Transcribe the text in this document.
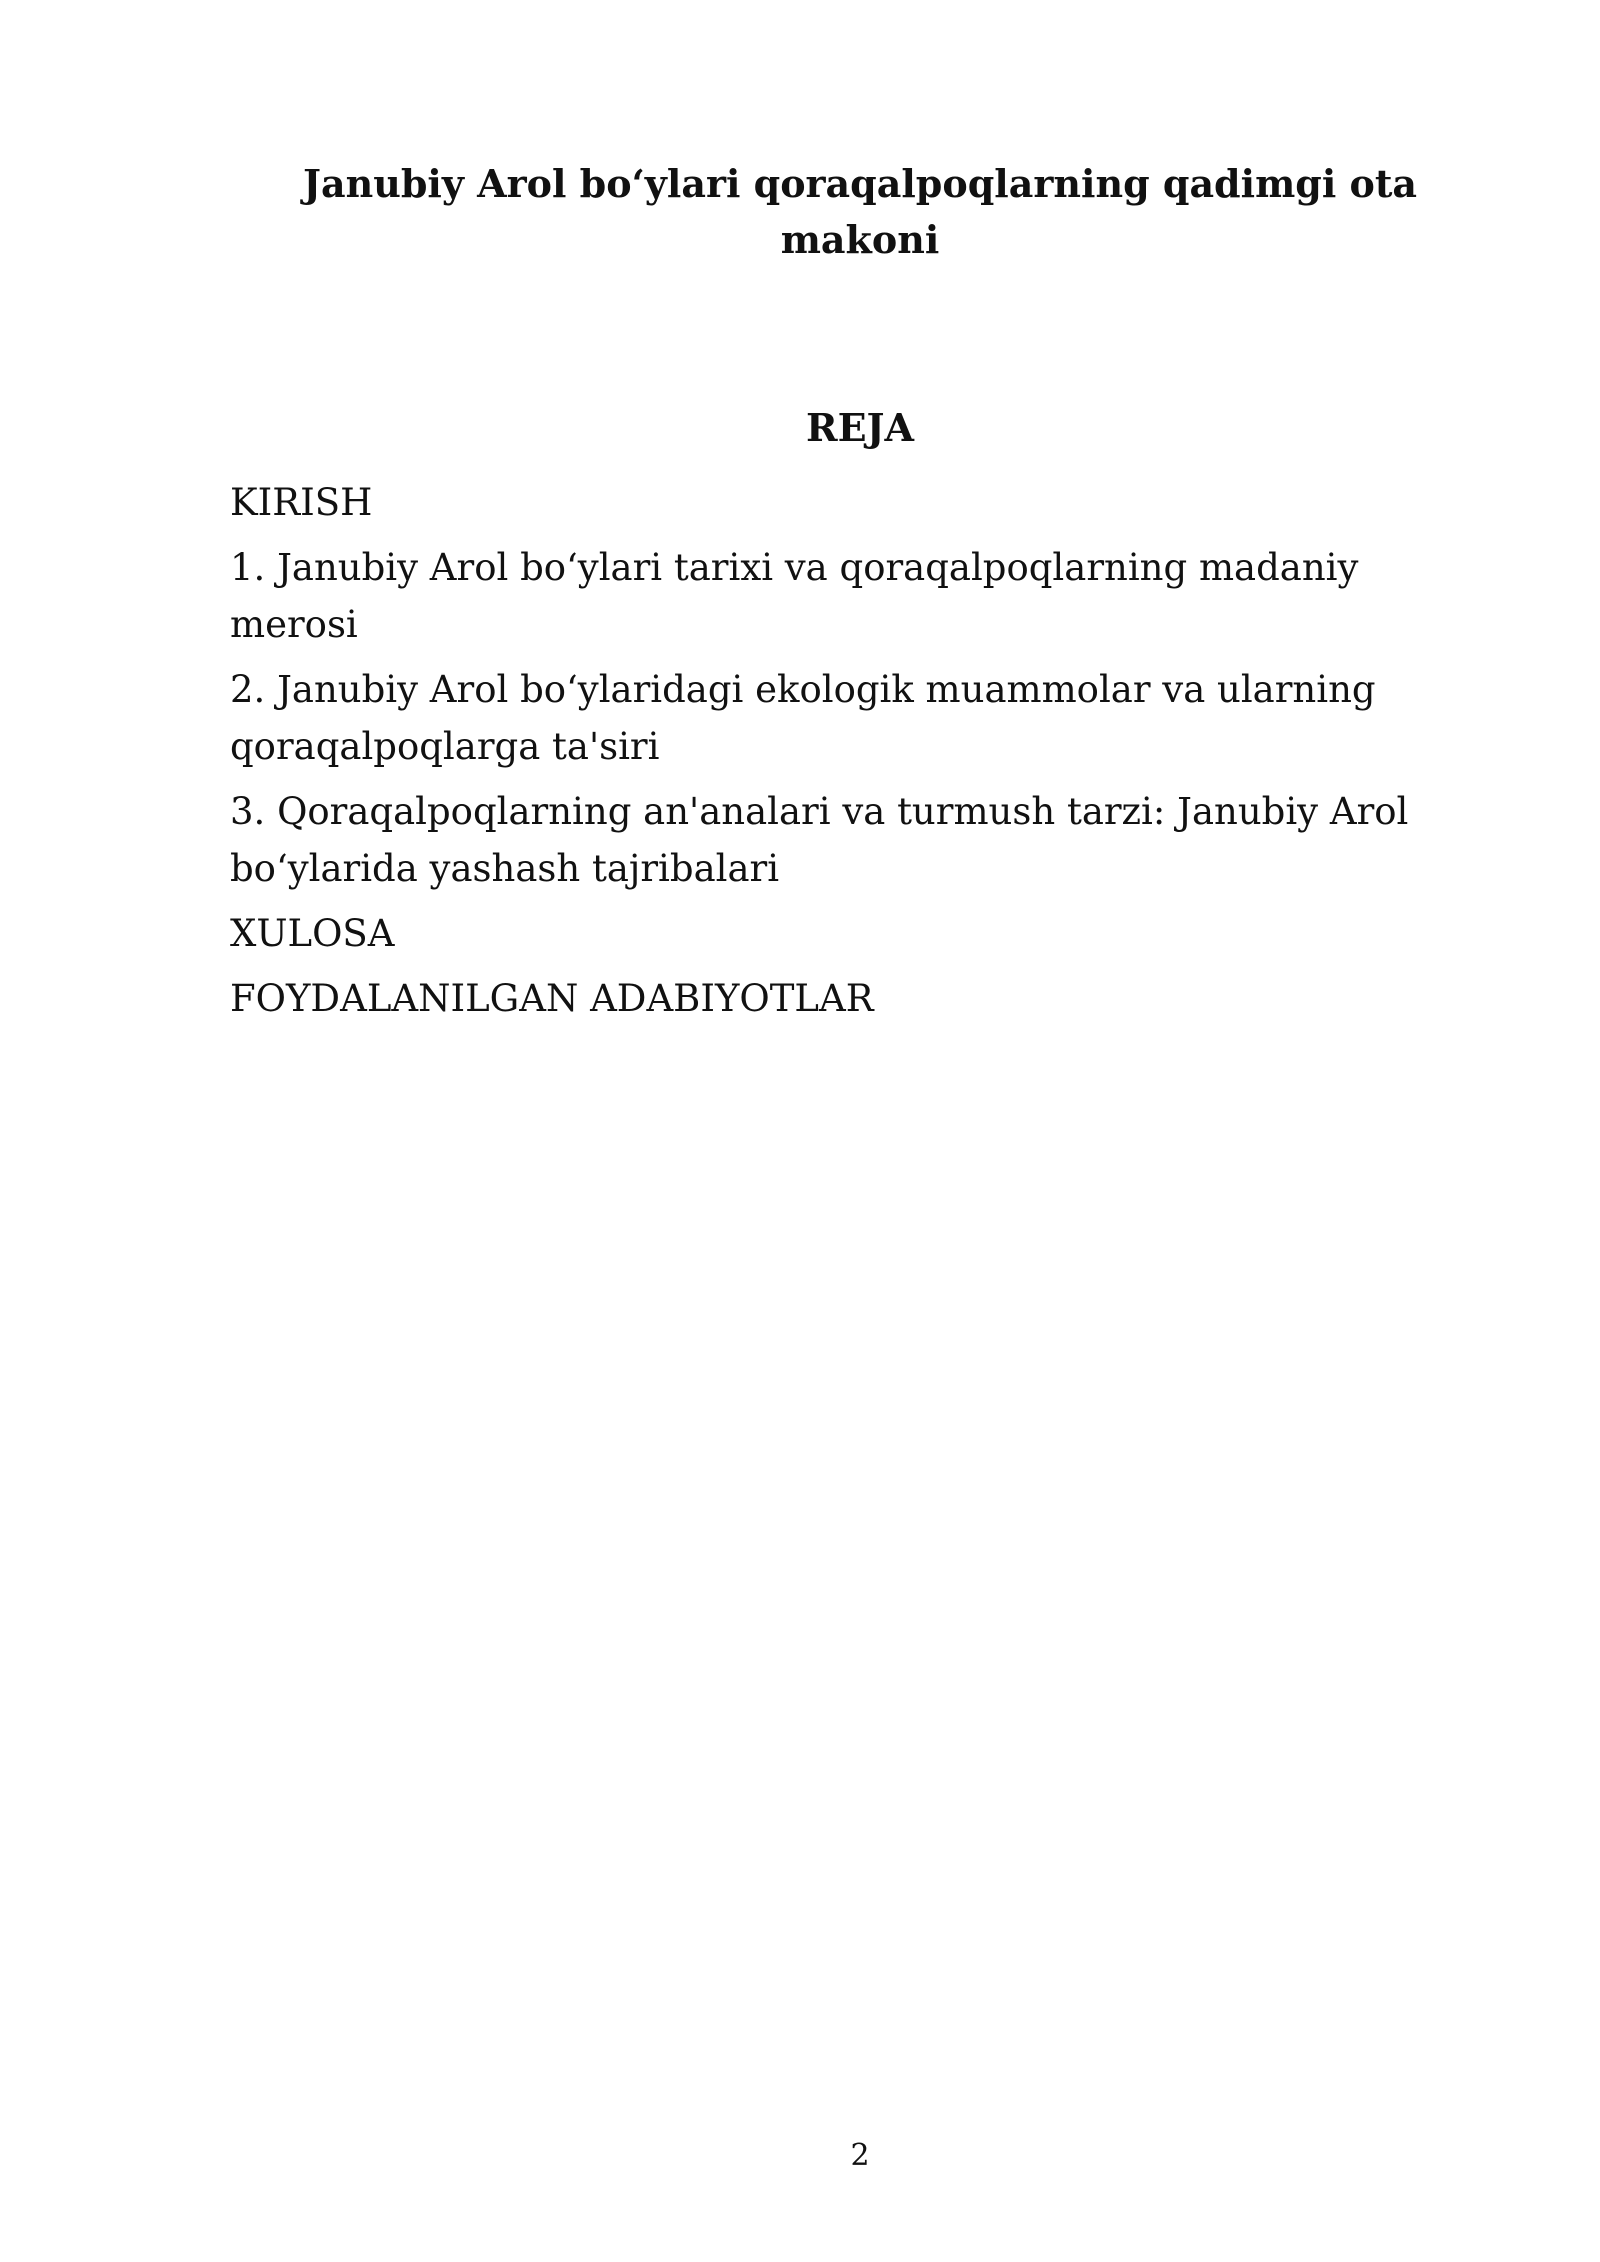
Janubiy Arol bo‘ylari qoraqalpoqlarning qadimgi ota makoni
REJA
KIRISH
1. Janubiy Arol bo‘ylari tarixi va qoraqalpoqlarning madaniy merosi
2. Janubiy Arol bo‘ylaridagi ekologik muammolar va ularning qoraqalpoqlarga ta'siri
3. Qoraqalpoqlarning an'analari va turmush tarzi: Janubiy Arol bo‘ylarida yashash tajribalari
XULOSA
FOYDALANILGAN ADABIYOTLAR
2
